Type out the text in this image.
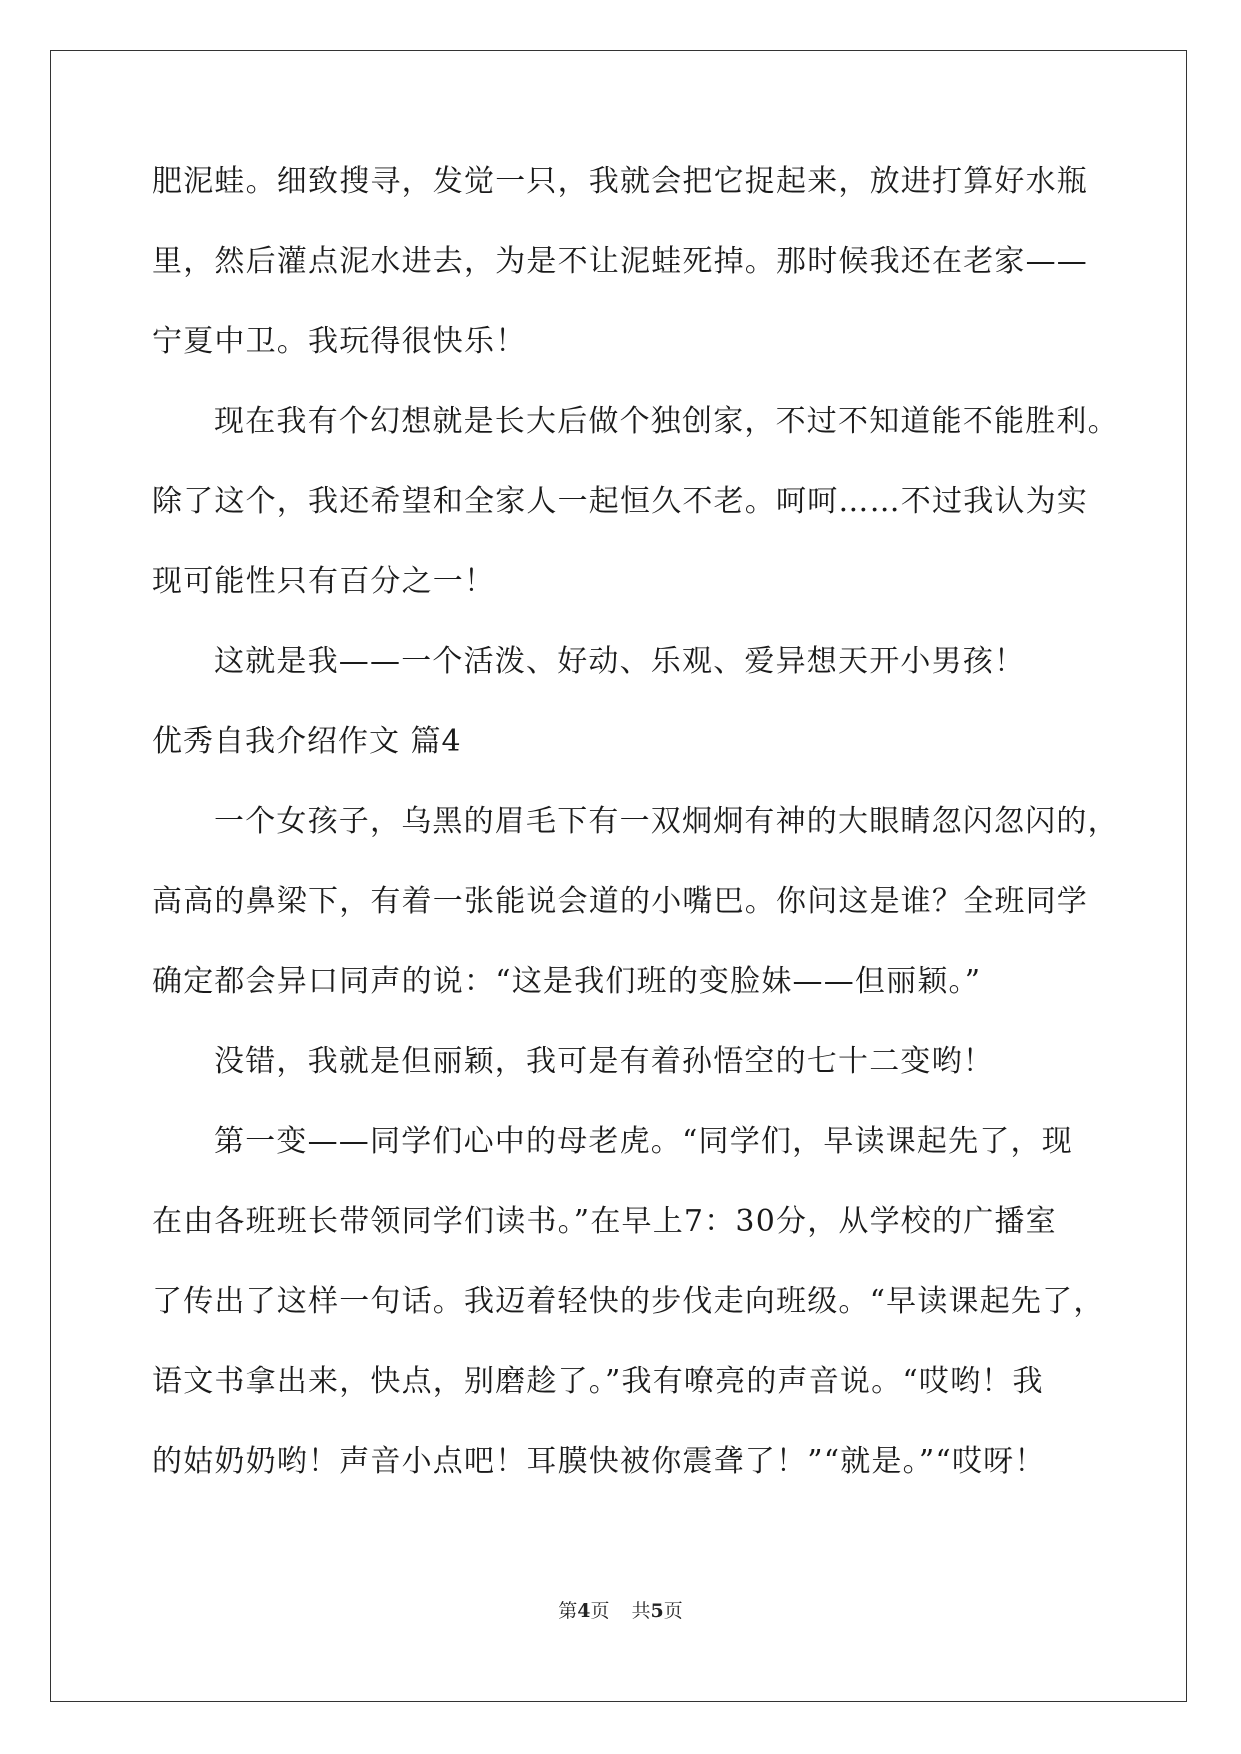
肥泥蛙。细致搜寻，发觉一只，我就会把它捉起来，放进打算好水瓶
里，然后灌点泥水进去，为是不让泥蛙死掉。那时候我还在老家——
宁夏中卫。我玩得很快乐！
现在我有个幻想就是长大后做个独创家，不过不知道能不能胜利。
除了这个，我还希望和全家人一起恒久不老。呵呵……不过我认为实
现可能性只有百分之一！
这就是我——一个活泼、好动、乐观、爱异想天开小男孩！
优秀自我介绍作文 篇4
一个女孩子，乌黑的眉毛下有一双炯炯有神的大眼睛忽闪忽闪的，
高高的鼻梁下，有着一张能说会道的小嘴巴。你问这是谁？全班同学
确定都会异口同声的说：“这是我们班的变脸妹——但丽颖。”
没错，我就是但丽颖，我可是有着孙悟空的七十二变哟！
第一变——同学们心中的母老虎。“同学们，早读课起先了，现
在由各班班长带领同学们读书。”在早上7：30分，从学校的广播室
了传出了这样一句话。我迈着轻快的步伐走向班级。“早读课起先了，
语文书拿出来，快点，别磨趁了。”我有嘹亮的声音说。“哎哟！我
的姑奶奶哟！声音小点吧！耳膜快被你震聋了！”“就是。”“哎呀！
第4页 共5页
